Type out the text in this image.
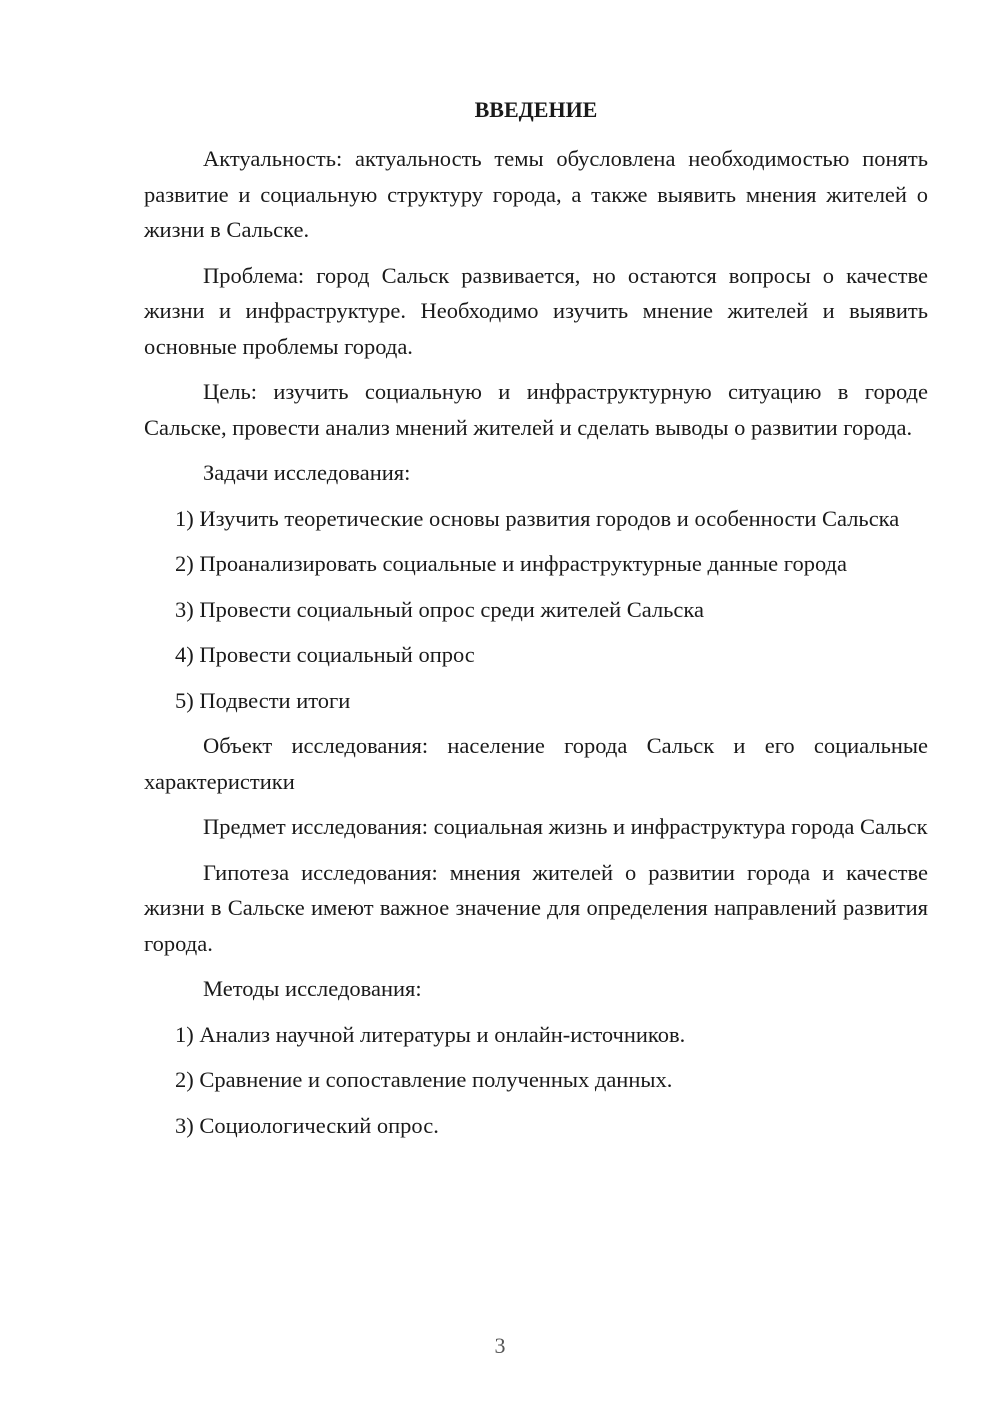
ВВЕДЕНИЕ

Актуальность: актуальность темы обусловлена необходимостью понять развитие и социальную структуру города, а также выявить мнения жителей о жизни в Сальске.

Проблема: город Сальск развивается, но остаются вопросы о качестве жизни и инфраструктуре. Необходимо изучить мнение жителей и выявить основные проблемы города.

Цель: изучить социальную и инфраструктурную ситуацию в городе Сальске, провести анализ мнений жителей и сделать выводы о развитии города.

Задачи исследования:

1) Изучить теоретические основы развития городов и особенности Сальска

2) Проанализировать социальные и инфраструктурные данные города

3) Провести социальный опрос среди жителей Сальска

4) Провести социальный опрос

5) Подвести итоги

Объект исследования: население города Сальск и его социальные характеристики

Предмет исследования: социальная жизнь и инфраструктура города Сальск

Гипотеза исследования: мнения жителей о развитии города и качестве жизни в Сальске имеют важное значение для определения направлений развития города.

Методы исследования:

1) Анализ научной литературы и онлайн-источников.

2) Сравнение и сопоставление полученных данных.

3) Социологический опрос.

3
